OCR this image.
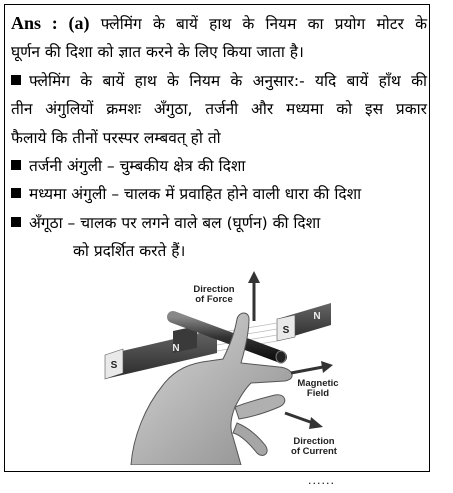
Ans : (a) फ्लेमिंग के बायें हाथ के नियम का प्रयोग मोटर के
घूर्णन की दिशा को ज्ञात करने के लिए किया जाता है।
फ्लेमिंग के बायें हाथ के नियम के अनुसार:- यदि बायें हाँथ की
तीन अंगुलियों क्रमशः अँगुठा, तर्जनी और मध्यमा को इस प्रकार
फैलाये कि तीनों परस्पर लम्बवत् हो तो
तर्जनी अंगुली – चुम्बकीय क्षेत्र की दिशा
मध्यमा अंगुली – चालक में प्रवाहित होने वाली धारा की दिशा
अँगूठा – चालक पर लगने वाले बल (घूर्णन) की दिशा
को प्रदर्शित करते हैं।
S
N
S
N
Direction
of Force
Magnetic
Field
Direction
of Current
......
